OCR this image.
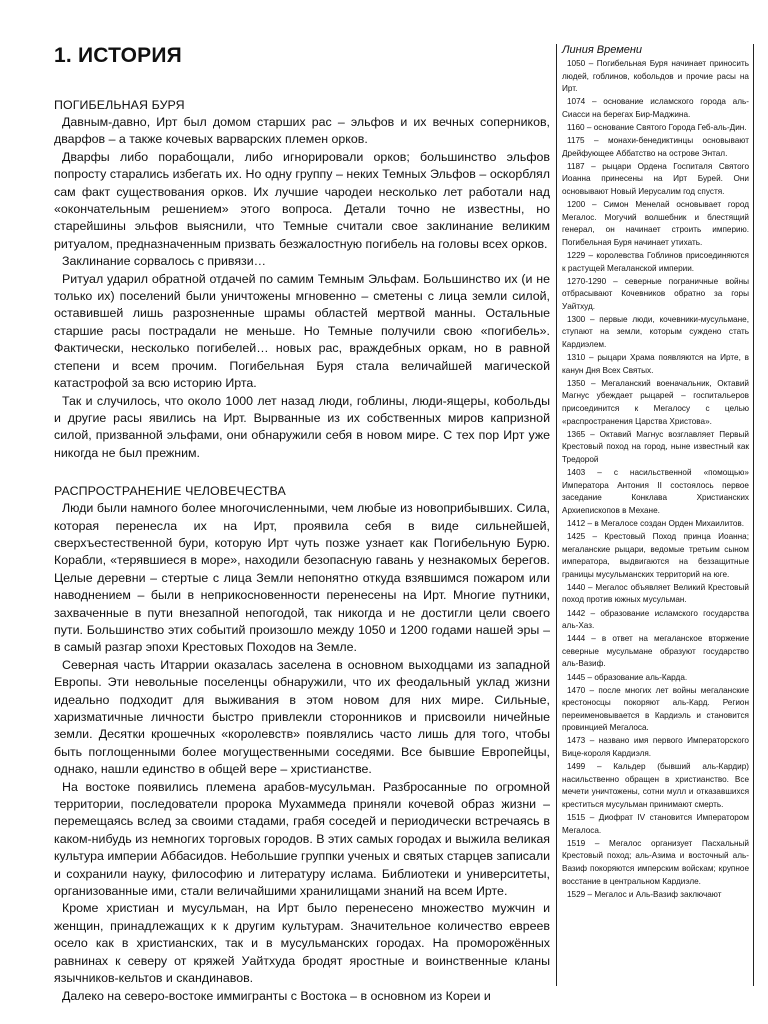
1. ИСТОРИЯ
ПОГИБЕЛЬНАЯ БУРЯ

Давным-давно, Ирт был домом старших рас – эльфов и их вечных соперников, дварфов – а также кочевых варварских племен орков.

Дварфы либо порабощали, либо игнорировали орков; большинство эльфов попросту старались избегать их. Но одну группу – неких Темных Эльфов – оскорблял сам факт существования орков. Их лучшие чародеи несколько лет работали над «окончательным решением» этого вопроса. Детали точно не известны, но старейшины эльфов выяснили, что Темные считали свое заклинание великим ритуалом, предназначенным призвать безжалостную погибель на головы всех орков.

Заклинание сорвалось с привязи…

Ритуал ударил обратной отдачей по самим Темным Эльфам. Большинство их (и не только их) поселений были уничтожены мгновенно – сметены с лица земли силой, оставившей лишь разрозненные шрамы областей мертвой манны. Остальные старшие расы пострадали не меньше. Но Темные получили свою «погибель». Фактически, несколько погибелей… новых рас, враждебных оркам, но в равной степени и всем прочим. Погибельная Буря стала величайшей магической катастрофой за всю историю Ирта.

Так и случилось, что около 1000 лет назад люди, гоблины, люди-ящеры, кобольды и другие расы явились на Ирт. Вырванные из их собственных миров капризной силой, призванной эльфами, они обнаружили себя в новом мире. С тех пор Ирт уже никогда не был прежним.

РАСПРОСТРАНЕНИЕ ЧЕЛОВЕЧЕСТВА

Люди были намного более многочисленными, чем любые из новоприбывших. Сила, которая перенесла их на Ирт, проявила себя в виде сильнейшей, сверхъестественной бури, которую Ирт чуть позже узнает как Погибельную Бурю. Корабли, «терявшиеся в море», находили безопасную гавань у незнакомых берегов. Целые деревни – стертые с лица Земли непонятно откуда взявшимся пожаром или наводнением – были в неприкосновенности перенесены на Ирт. Многие путники, захваченные в пути внезапной непогодой, так никогда и не достигли цели своего пути. Большинство этих событий произошло между 1050 и 1200 годами нашей эры – в самый разгар эпохи Крестовых Походов на Земле.

Северная часть Итаррии оказалась заселена в основном выходцами из западной Европы. Эти невольные поселенцы обнаружили, что их феодальный уклад жизни идеально подходит для выживания в этом новом для них мире. Сильные, харизматичные личности быстро привлекли сторонников и присвоили ничейные земли. Десятки крошечных «королевств» появлялись часто лишь для того, чтобы быть поглощенными более могущественными соседями. Все бывшие Европейцы, однако, нашли единство в общей вере – христианстве.

На востоке появились племена арабов-мусульман. Разбросанные по огромной территории, последователи пророка Мухаммеда приняли кочевой образ жизни – перемещаясь вслед за своими стадами, грабя соседей и периодически встречаясь в каком-нибудь из немногих торговых городов. В этих самых городах и выжила великая культура империи Аббасидов. Небольшие группки ученых и святых старцев записали и сохранили науку, философию и литературу ислама. Библиотеки и университеты, организованные ими, стали величайшими хранилищами знаний на всем Ирте.

Кроме христиан и мусульман, на Ирт было перенесено множество мужчин и женщин, принадлежащих к к другим культурам. Значительное количество евреев осело как в христианских, так и в мусульманских городах. На проморожённых равнинах к северу от кряжей Уайтхуда бродят яростные и воинственные кланы язычников-кельтов и скандинавов.

Далеко на северо-востоке иммигранты с Востока – в основном из Кореи и

Линия Времени

1050 – Погибельная Буря начинает приносить людей, гоблинов, кобольдов и прочие расы на Ирт.

1074 – основание исламского города аль-Сиасси на берегах Бир-Маджина.

1160 – основание Святого Города Геб-аль-Дин.

1175 – монахи-бенедиктинцы основывают Дрейфующее Аббатство на острове Энтал.

1187 – рыцари Ордена Госпиталя Святого Иоанна принесены на Ирт Бурей. Они основывают Новый Иерусалим год спустя.

1200 – Симон Менелай основывает город Мегалос. Могучий волшебник и блестящий генерал, он начинает строить империю. Погибельная Буря начинает утихать.

1229 – королевства Гоблинов присоединяются к растущей Мегаланской империи.

1270-1290 – северные пограничные войны отбрасывают Кочевников обратно за горы Уайтхуд.

1300 – первые люди, кочевники-мусульмане, ступают на земли, которым суждено стать Кардиэлем.

1310 – рыцари Храма появляются на Ирте, в канун Дня Всех Святых.

1350 – Мегаланский военачальник, Октавий Магнус убеждает рыцарей – госпитальеров присоединится к Мегалосу с целью «распространения Царства Христова».

1365 – Октавий Магнус возглавляет Первый Крестовый поход на город, ныне известный как Тредорой

1403 – с насильственной «помощью» Императора Антония II состоялось первое заседание Конклава Христианских Архиепископов в Механе.

1412 – в Мегалосе создан Орден Михаилитов.

1425 – Крестовый Поход принца Иоанна; мегаланские рыцари, ведомые третьим сыном императора, выдвигаются на беззащитные границы мусульманских территорий на юге.

1440 – Мегалос объявляет Великий Крестовый поход против южных мусульман.

1442 – образование исламского государства аль-Хаз.

1444 – в ответ на мегаланское вторжение северные мусульмане образуют государство аль-Вазиф.

1445 – образование аль-Карда.

1470 – после многих лет войны мегаланские крестоносцы покоряют аль-Кард. Регион переименовывается в Кардиэль и становится провинцией Мегалоса.

1473 – названо имя первого Императорского Вице-короля Кардиэля.

1499 – Кальдер (бывший аль-Кардир) насильственно обращен в христианство. Все мечети уничтожены, сотни мулл и отказавшихся креститься мусульман принимают смерть.

1515 – Диофрат IV становится Императором Мегалоса.

1519 – Мегалос организует Пасхальный Крестовый поход; аль-Азима и восточный аль-Вазиф покоряются имперским войскам; крупное восстание в центральном Кардиэле.

1529 – Мегалос и Аль-Вазиф заключают
